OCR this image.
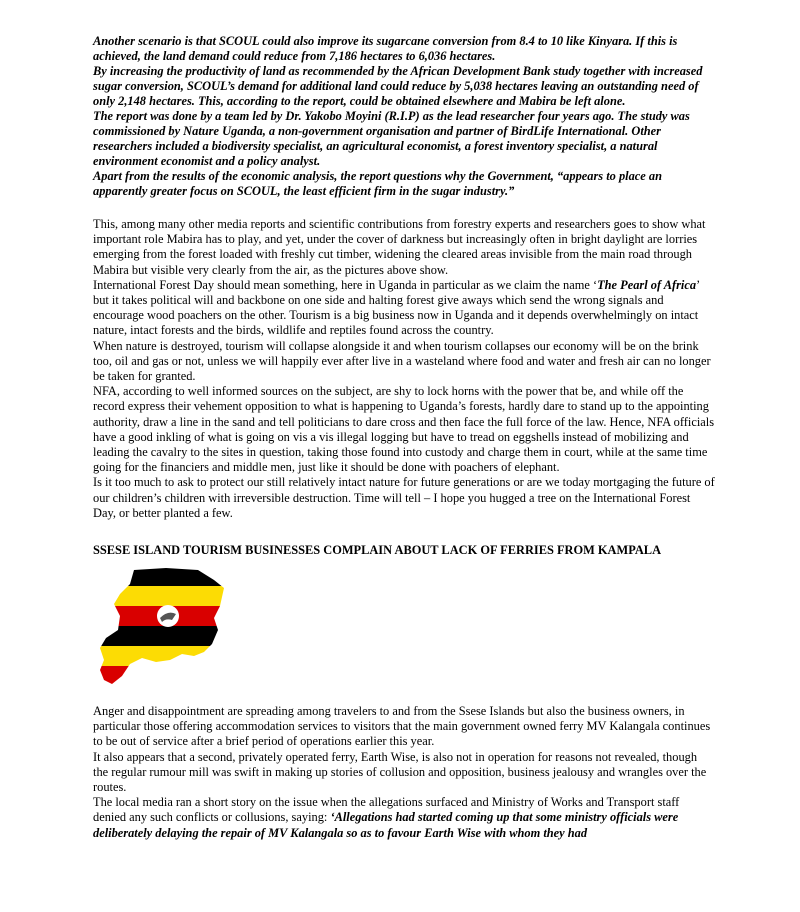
Another scenario is that SCOUL could also improve its sugarcane conversion from 8.4 to 10 like Kinyara. If this is achieved, the land demand could reduce from 7,186 hectares to 6,036 hectares.

By increasing the productivity of land as recommended by the African Development Bank study together with increased sugar conversion, SCOUL’s demand for additional land could reduce by 5,038 hectares leaving an outstanding need of only 2,148 hectares. This, according to the report, could be obtained elsewhere and Mabira be left alone.

The report was done by a team led by Dr. Yakobo Moyini (R.I.P) as the lead researcher four years ago. The study was commissioned by Nature Uganda, a non-government organisation and partner of BirdLife International. Other researchers included a biodiversity specialist, an agricultural economist, a forest inventory specialist, a natural environment economist and a policy analyst.

Apart from the results of the economic analysis, the report questions why the Government, “appears to place an apparently greater focus on SCOUL, the least efficient firm in the sugar industry.”

This, among many other media reports and scientific contributions from forestry experts and researchers goes to show what important role Mabira has to play, and yet, under the cover of darkness but increasingly often in bright daylight are lorries emerging from the forest loaded with freshly cut timber, widening the cleared areas invisible from the main road through Mabira but visible very clearly from the air, as the pictures above show.

International Forest Day should mean something, here in Uganda in particular as we claim the name ‘The Pearl of Africa’ but it takes political will and backbone on one side and halting forest give aways which send the wrong signals and encourage wood poachers on the other. Tourism is a big business now in Uganda and it depends overwhelmingly on intact nature, intact forests and the birds, wildlife and reptiles found across the country.

When nature is destroyed, tourism will collapse alongside it and when tourism collapses our economy will be on the brink too, oil and gas or not, unless we will happily ever after live in a wasteland where food and water and fresh air can no longer be taken for granted.

NFA, according to well informed sources on the subject, are shy to lock horns with the power that be, and while off the record express their vehement opposition to what is happening to Uganda’s forests, hardly dare to stand up to the appointing authority, draw a line in the sand and tell politicians to dare cross and then face the full force of the law. Hence, NFA officials have a good inkling of what is going on vis a vis illegal logging but have to tread on eggshells instead of mobilizing and leading the cavalry to the sites in question, taking those found into custody and charge them in court, while at the same time going for the financiers and middle men, just like it should be done with poachers of elephant.

Is it too much to ask to protect our still relatively intact nature for future generations or are we today mortgaging the future of our children’s children with irreversible destruction. Time will tell – I hope you hugged a tree on the International Forest Day, or better planted a few.

SSESE ISLAND TOURISM BUSINESSES COMPLAIN ABOUT LACK OF FERRIES FROM KAMPALA

Anger and disappointment are spreading among travelers to and from the Ssese Islands but also the business owners, in particular those offering accommodation services to visitors that the main government owned ferry MV Kalangala continues to be out of service after a brief period of operations earlier this year.

It also appears that a second, privately operated ferry, Earth Wise, is also not in operation for reasons not revealed, though the regular rumour mill was swift in making up stories of collusion and opposition, business jealousy and wrangles over the routes.

The local media ran a short story on the issue when the allegations surfaced and Ministry of Works and Transport staff denied any such conflicts or collusions, saying: ‘Allegations had started coming up that some ministry officials were deliberately delaying the repair of MV Kalangala so as to favour Earth Wise with whom they had
